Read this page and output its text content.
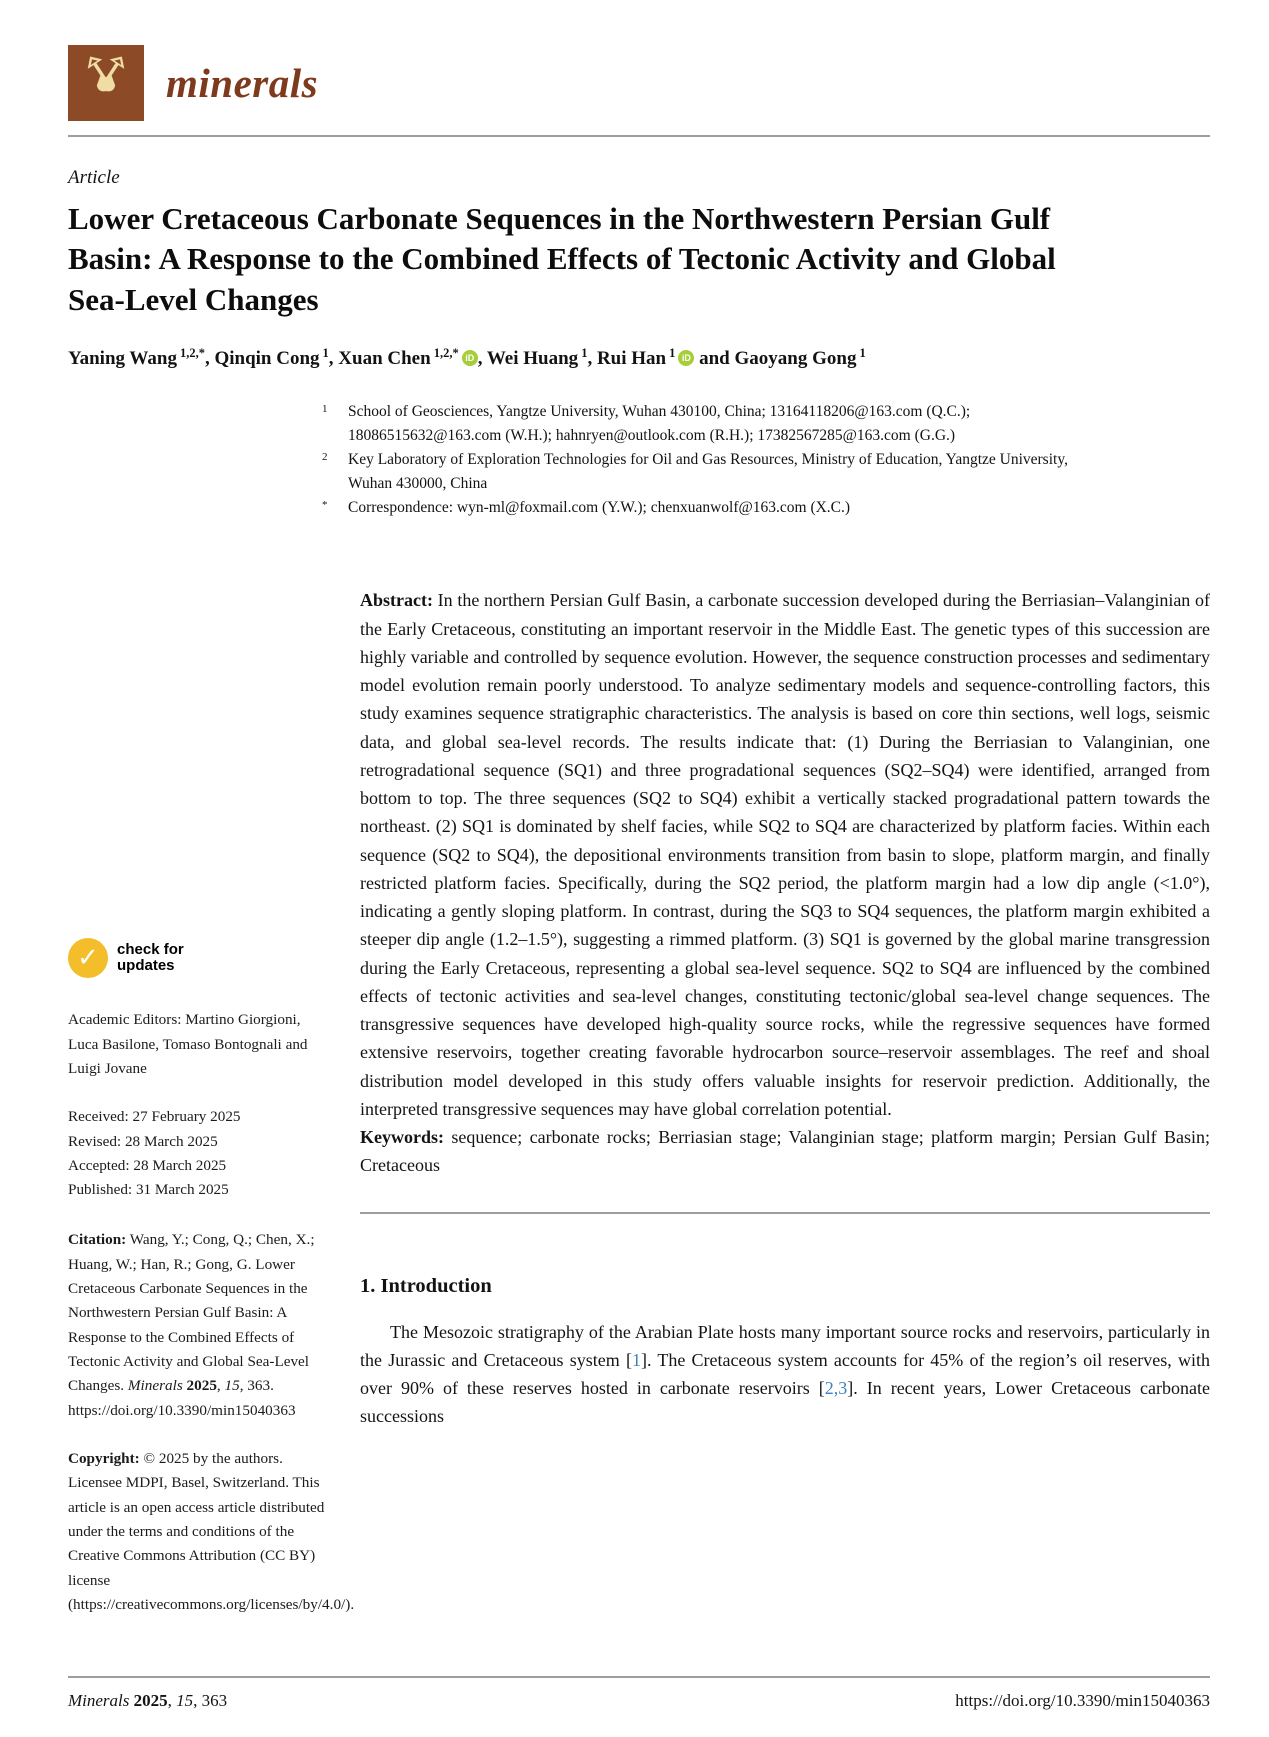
minerals
Article
Lower Cretaceous Carbonate Sequences in the Northwestern Persian Gulf Basin: A Response to the Combined Effects of Tectonic Activity and Global Sea-Level Changes
Yaning Wang $^{1,2,*}$, Qinqin Cong $^1$, Xuan Chen $^{1,2,*}$ iD , Wei Huang $^1$, Rui Han $^1$ iD and Gaoyang Gong $^1$
1	School of Geosciences, Yangtze University, Wuhan 430100, China; 13164118206@163.com (Q.C.); 18086515632@163.com (W.H.); hahnryen@outlook.com (R.H.); 17382567285@163.com (G.G.)
2	Key Laboratory of Exploration Technologies for Oil and Gas Resources, Ministry of Education, Yangtze University, Wuhan 430000, China
*	Correspondence: wyn-ml@foxmail.com (Y.W.); chenxuanwolf@163.com (X.C.)
✓	check for
updates

Academic Editors: Martino Giorgioni, Luca Basilone, Tomaso Bontognali and Luigi Jovane

Received: 27 February 2025
Revised: 28 March 2025
Accepted: 28 March 2025
Published: 31 March 2025

Citation: Wang, Y.; Cong, Q.; Chen, X.; Huang, W.; Han, R.; Gong, G. Lower Cretaceous Carbonate Sequences in the Northwestern Persian Gulf Basin: A Response to the Combined Effects of Tectonic Activity and Global Sea-Level Changes. Minerals 2025, 15, 363. https://doi.org/10.3390/min15040363

Copyright: © 2025 by the authors. Licensee MDPI, Basel, Switzerland. This article is an open access article distributed under the terms and conditions of the Creative Commons Attribution (CC BY) license (https://creativecommons.org/licenses/by/4.0/).

Abstract: In the northern Persian Gulf Basin, a carbonate succession developed during the Berriasian–Valanginian of the Early Cretaceous, constituting an important reservoir in the Middle East. The genetic types of this succession are highly variable and controlled by sequence evolution. However, the sequence construction processes and sedimentary model evolution remain poorly understood. To analyze sedimentary models and sequence-controlling factors, this study examines sequence stratigraphic characteristics. The analysis is based on core thin sections, well logs, seismic data, and global sea-level records. The results indicate that: (1) During the Berriasian to Valanginian, one retrogradational sequence (SQ1) and three progradational sequences (SQ2–SQ4) were identified, arranged from bottom to top. The three sequences (SQ2 to SQ4) exhibit a vertically stacked progradational pattern towards the northeast. (2) SQ1 is dominated by shelf facies, while SQ2 to SQ4 are characterized by platform facies. Within each sequence (SQ2 to SQ4), the depositional environments transition from basin to slope, platform margin, and finally restricted platform facies. Specifically, during the SQ2 period, the platform margin had a low dip angle (<1.0°), indicating a gently sloping platform. In contrast, during the SQ3 to SQ4 sequences, the platform margin exhibited a steeper dip angle (1.2–1.5°), suggesting a rimmed platform. (3) SQ1 is governed by the global marine transgression during the Early Cretaceous, representing a global sea-level sequence. SQ2 to SQ4 are influenced by the combined effects of tectonic activities and sea-level changes, constituting tectonic/global sea-level change sequences. The transgressive sequences have developed high-quality source rocks, while the regressive sequences have formed extensive reservoirs, together creating favorable hydrocarbon source–reservoir assemblages. The reef and shoal distribution model developed in this study offers valuable insights for reservoir prediction. Additionally, the interpreted transgressive sequences may have global correlation potential.

Keywords: sequence; carbonate rocks; Berriasian stage; Valanginian stage; platform margin; Persian Gulf Basin; Cretaceous

1. Introduction

The Mesozoic stratigraphy of the Arabian Plate hosts many important source rocks and reservoirs, particularly in the Jurassic and Cretaceous system [1]. The Cretaceous system accounts for 45% of the region’s oil reserves, with over 90% of these reserves hosted in carbonate reservoirs [2,3]. In recent years, Lower Cretaceous carbonate successions

Minerals 2025, 15, 363	https://doi.org/10.3390/min15040363
